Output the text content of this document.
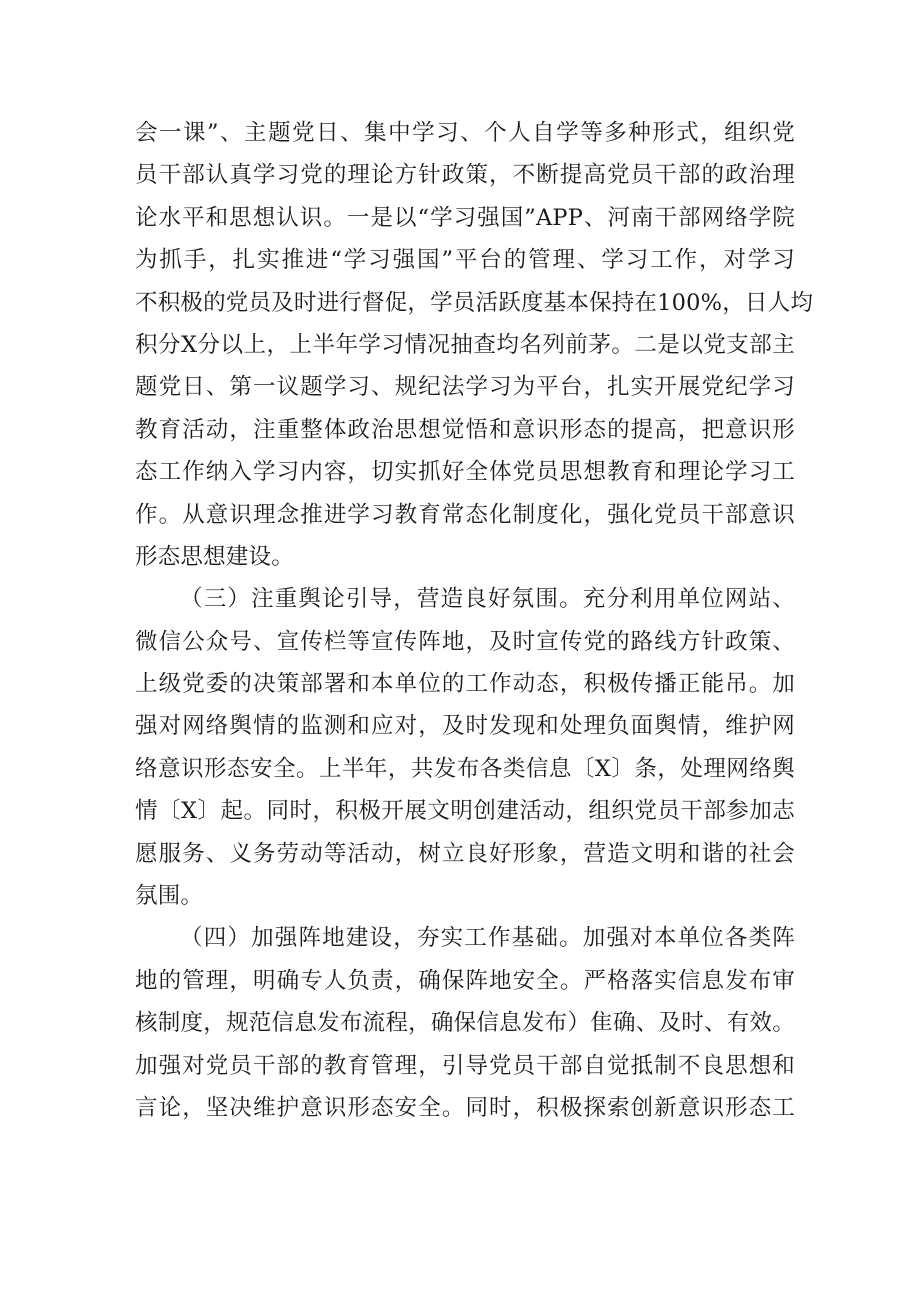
会一课”、主题党日、集中学习、个人自学等多种形式，组织党
员干部认真学习党的理论方针政策，不断提高党员干部的政治理
论水平和思想认识。一是以“学习强国”APP、河南干部网络学院
为抓手，扎实推进“学习强国”平台的管理、学习工作，对学习
不积极的党员及时进行督促，学员活跃度基本保持在100%，日人均
积分X分以上，上半年学习情况抽查均名列前茅。二是以党支部主
题党日、第一议题学习、规纪法学习为平台，扎实开展党纪学习
教育活动，注重整体政治思想觉悟和意识形态的提高，把意识形
态工作纳入学习内容，切实抓好全体党员思想教育和理论学习工
作。从意识理念推进学习教育常态化制度化，强化党员干部意识
形态思想建设。
（三）注重舆论引导，营造良好氛围。充分利用单位网站、
微信公众号、宣传栏等宣传阵地，及时宣传党的路线方针政策、
上级党委的决策部署和本单位的工作动态，积极传播正能吊。加
强对网络舆情的监测和应对，及时发现和处理负面舆情，维护网
络意识形态安全。上半年，共发布各类信息〔X〕条，处理网络舆
情〔X〕起。同时，积极开展文明创建活动，组织党员干部参加志
愿服务、义务劳动等活动，树立良好形象，营造文明和谐的社会
氛围。
（四）加强阵地建设，夯实工作基础。加强对本单位各类阵
地的管理，明确专人负责，确保阵地安全。严格落实信息发布审
核制度，规范信息发布流程，确保信息发布）隹确、及时、有效。
加强对党员干部的教育管理，引导党员干部自觉抵制不良思想和
言论，坚决维护意识形态安全。同时，积极探索创新意识形态工
